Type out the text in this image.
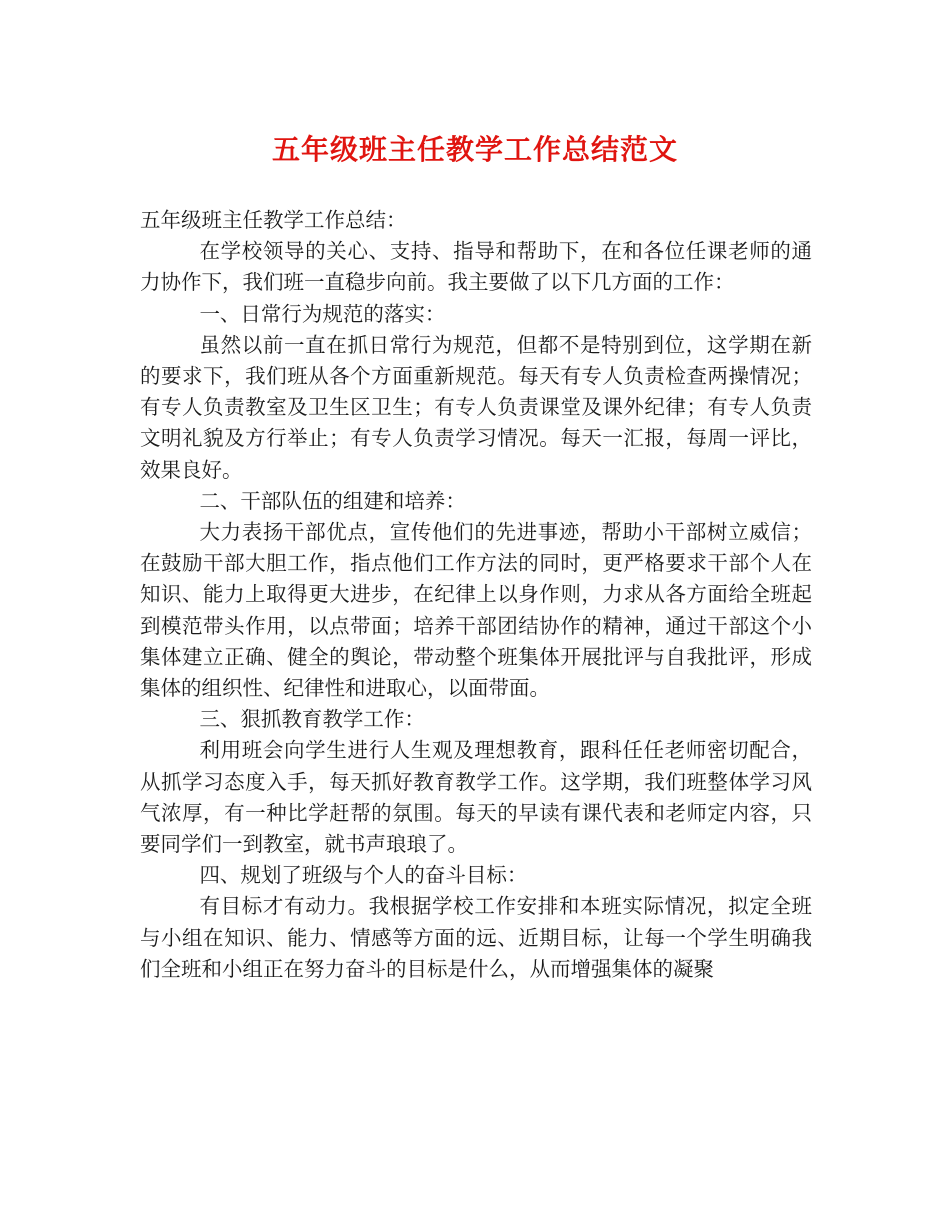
五年级班主任教学工作总结范文

五年级班主任教学工作总结：

在学校领导的关心、支持、指导和帮助下，在和各位任课老师的通力协作下，我们班一直稳步向前。我主要做了以下几方面的工作：

一、日常行为规范的落实：

虽然以前一直在抓日常行为规范，但都不是特别到位，这学期在新的要求下，我们班从各个方面重新规范。每天有专人负责检查两操情况；有专人负责教室及卫生区卫生；有专人负责课堂及课外纪律；有专人负责文明礼貌及方行举止；有专人负责学习情况。每天一汇报，每周一评比，效果良好。

二、干部队伍的组建和培养：

大力表扬干部优点，宣传他们的先进事迹，帮助小干部树立威信；在鼓励干部大胆工作，指点他们工作方法的同时，更严格要求干部个人在知识、能力上取得更大进步，在纪律上以身作则，力求从各方面给全班起到模范带头作用，以点带面；培养干部团结协作的精神，通过干部这个小集体建立正确、健全的舆论，带动整个班集体开展批评与自我批评，形成集体的组织性、纪律性和进取心，以面带面。

三、狠抓教育教学工作：

利用班会向学生进行人生观及理想教育，跟科任任老师密切配合，从抓学习态度入手，每天抓好教育教学工作。这学期，我们班整体学习风气浓厚，有一种比学赶帮的氛围。每天的早读有课代表和老师定内容，只要同学们一到教室，就书声琅琅了。

四、规划了班级与个人的奋斗目标：

有目标才有动力。我根据学校工作安排和本班实际情况，拟定全班与小组在知识、能力、情感等方面的远、近期目标，让每一个学生明确我们全班和小组正在努力奋斗的目标是什么，从而增强集体的凝聚
